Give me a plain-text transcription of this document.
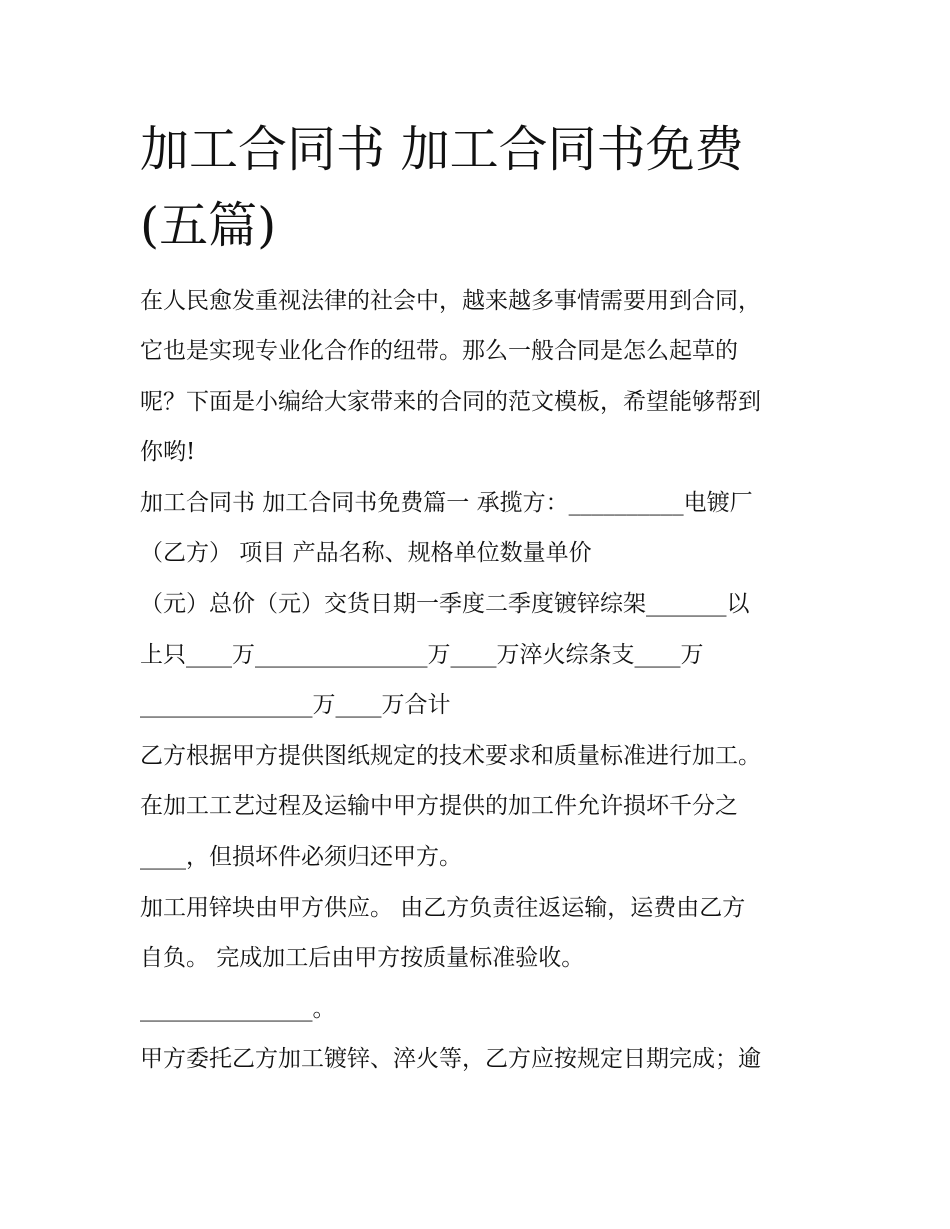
加工合同书 加工合同书免费
(五篇)
在人民愈发重视法律的社会中，越来越多事情需要用到合同，
它也是实现专业化合作的纽带。那么一般合同是怎么起草的
呢？下面是小编给大家带来的合同的范文模板，希望能够帮到
你哟!
加工合同书 加工合同书免费篇一 承揽方：__________电镀厂
（乙方） 项目 产品名称、规格单位数量单价
（元）总价（元）交货日期一季度二季度镀锌综架_______以
上只____万_______________万____万淬火综条支____万
_______________万____万合计
乙方根据甲方提供图纸规定的技术要求和质量标准进行加工。
在加工工艺过程及运输中甲方提供的加工件允许损坏千分之
____，但损坏件必须归还甲方。
加工用锌块由甲方供应。 由乙方负责往返运输，运费由乙方
自负。 完成加工后由甲方按质量标准验收。
_______________。
甲方委托乙方加工镀锌、淬火等，乙方应按规定日期完成；逾
